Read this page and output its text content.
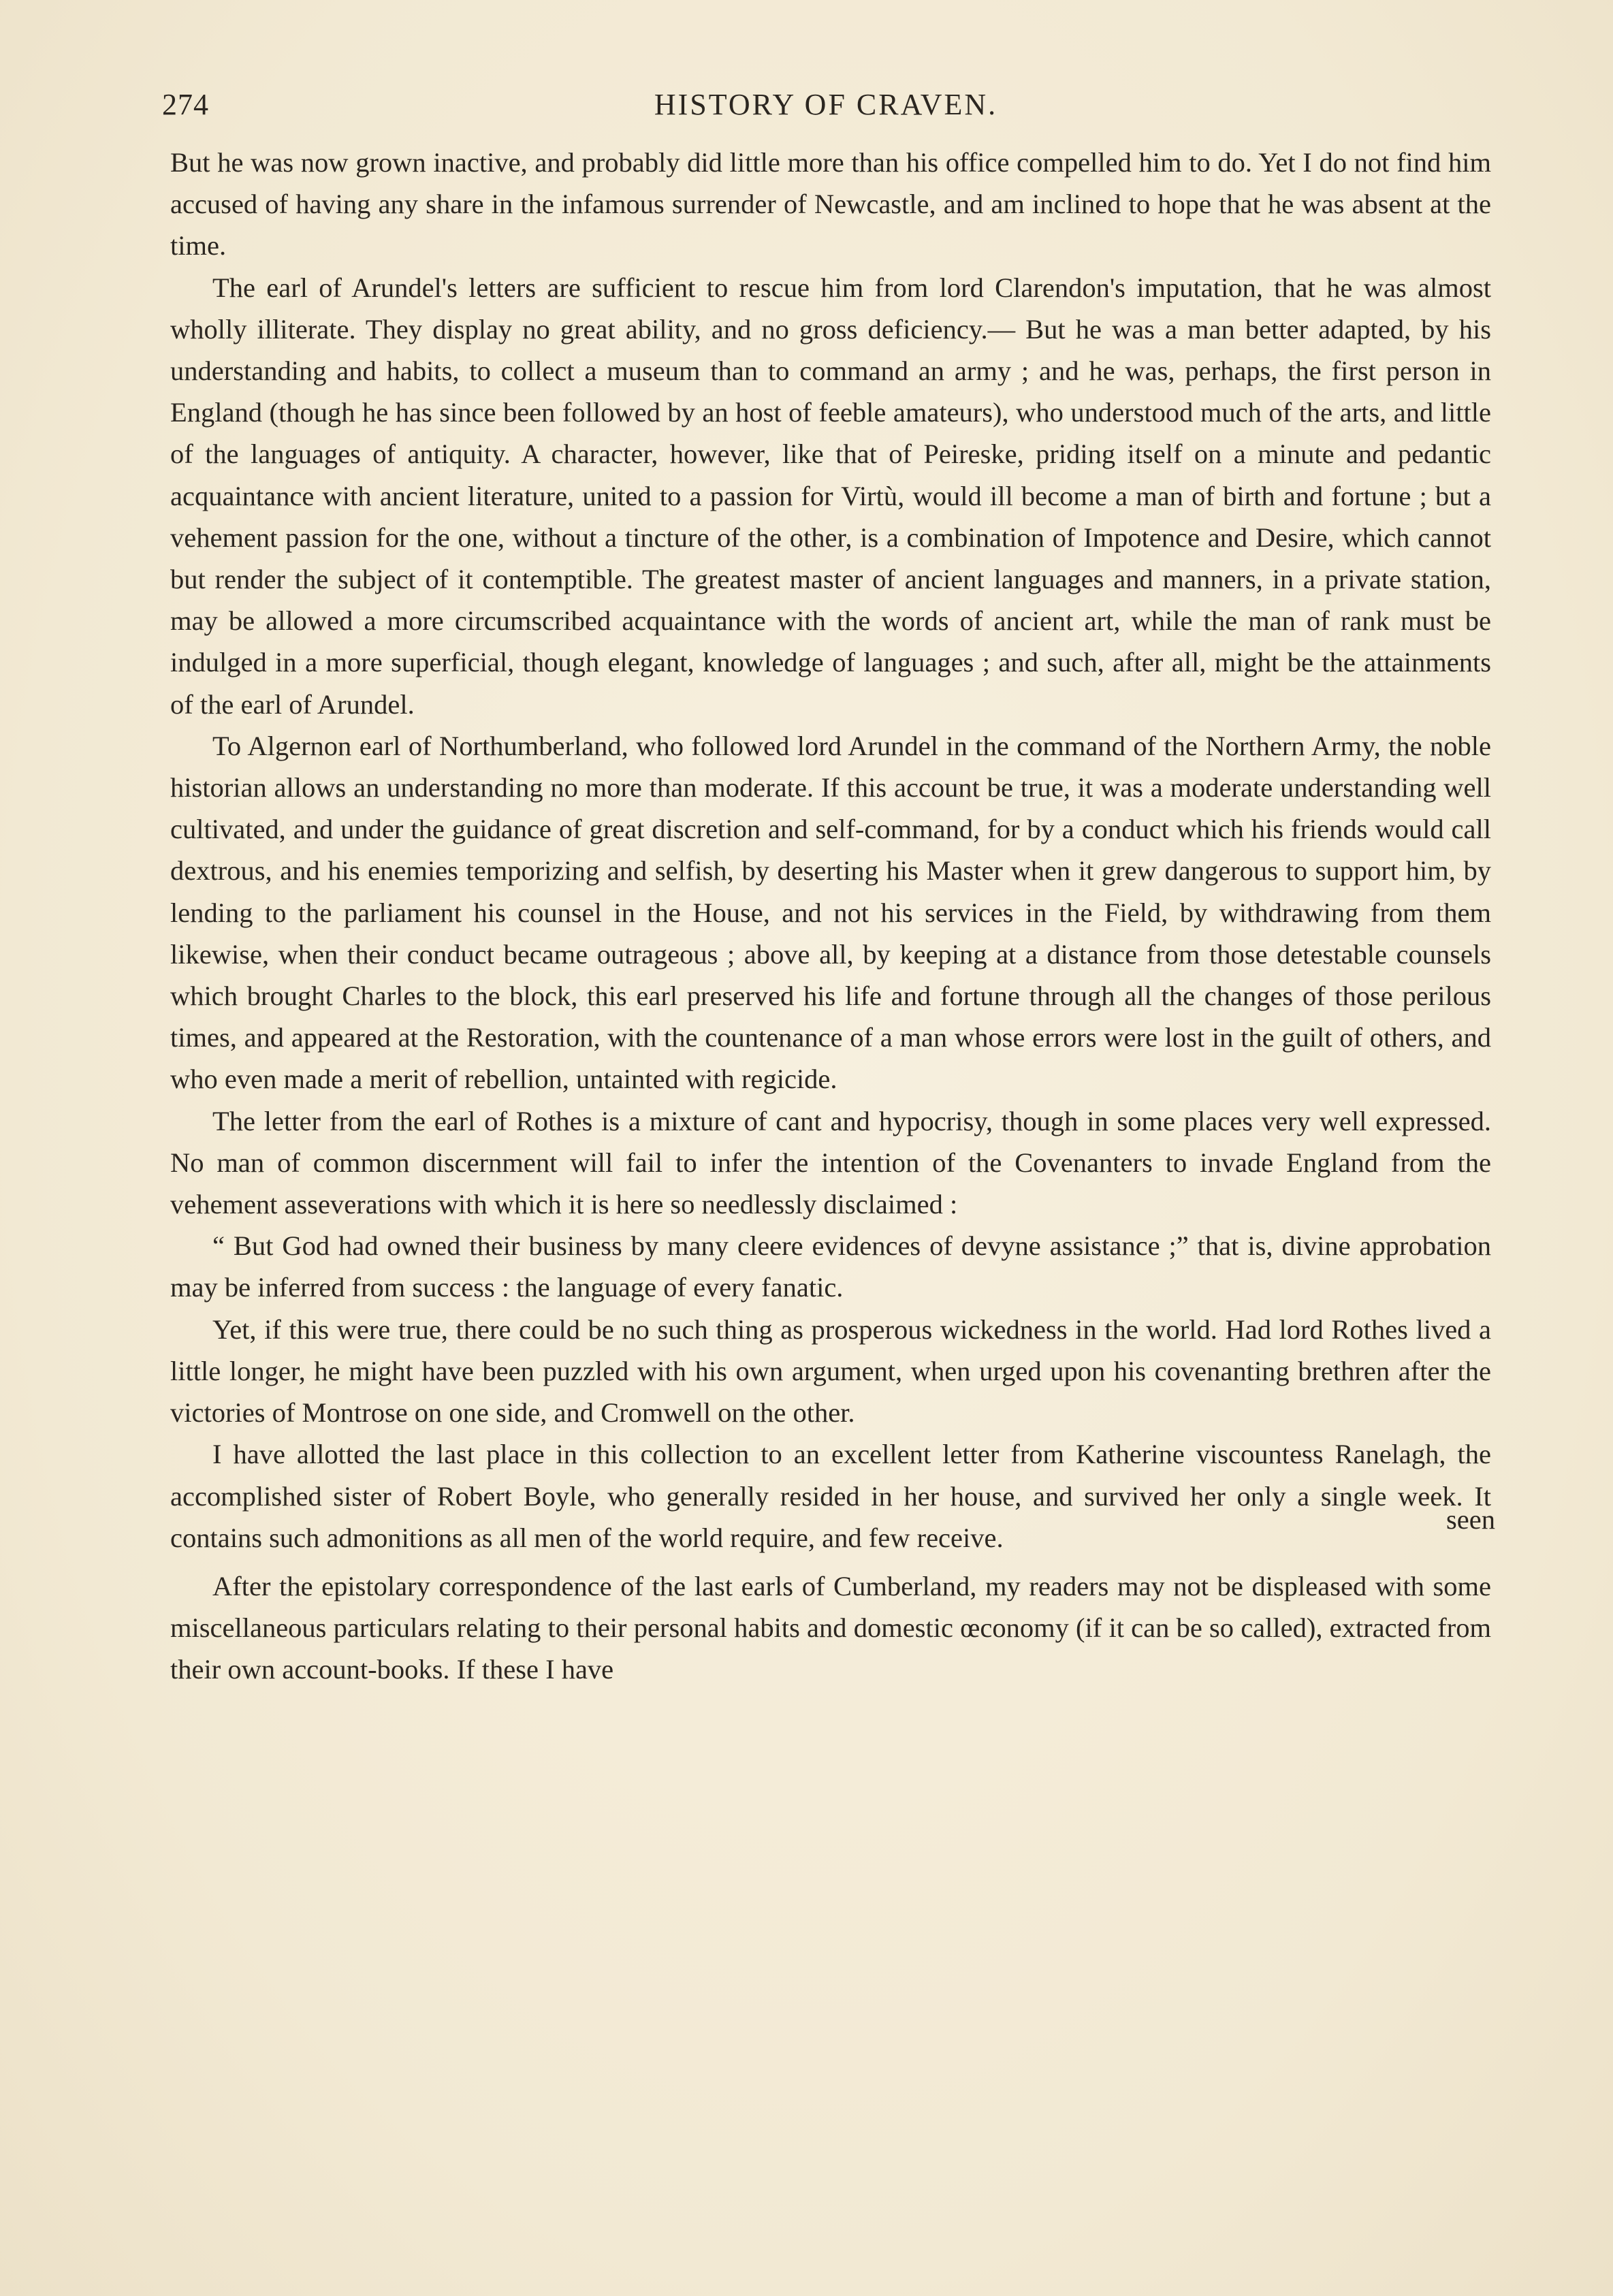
274	HISTORY OF CRAVEN.

But he was now grown inactive, and probably did little more than his office compelled him to do. Yet I do not find him accused of having any share in the infamous surrender of Newcastle, and am inclined to hope that he was absent at the time.

The earl of Arundel's letters are sufficient to rescue him from lord Clarendon's imputation, that he was almost wholly illiterate. They display no great ability, and no gross deficiency.— But he was a man better adapted, by his understanding and habits, to collect a museum than to command an army ; and he was, perhaps, the first person in England (though he has since been followed by an host of feeble amateurs), who understood much of the arts, and little of the languages of antiquity. A character, however, like that of Peireske, priding itself on a minute and pedantic acquaintance with ancient literature, united to a passion for Virtù, would ill become a man of birth and fortune ; but a vehement passion for the one, without a tincture of the other, is a combination of Impotence and Desire, which cannot but render the subject of it contemptible. The greatest master of ancient languages and manners, in a private station, may be allowed a more circumscribed acquaintance with the words of ancient art, while the man of rank must be indulged in a more superficial, though elegant, knowledge of languages ; and such, after all, might be the attainments of the earl of Arundel.

To Algernon earl of Northumberland, who followed lord Arundel in the command of the Northern Army, the noble historian allows an understanding no more than moderate. If this account be true, it was a moderate understanding well cultivated, and under the guidance of great discretion and self-command, for by a conduct which his friends would call dextrous, and his enemies temporizing and selfish, by deserting his Master when it grew dangerous to support him, by lending to the parliament his counsel in the House, and not his services in the Field, by withdrawing from them likewise, when their conduct became outrageous ; above all, by keeping at a distance from those detestable counsels which brought Charles to the block, this earl preserved his life and fortune through all the changes of those perilous times, and appeared at the Restoration, with the countenance of a man whose errors were lost in the guilt of others, and who even made a merit of rebellion, untainted with regicide.

The letter from the earl of Rothes is a mixture of cant and hypocrisy, though in some places very well expressed. No man of common discernment will fail to infer the intention of the Covenanters to invade England from the vehement asseverations with which it is here so needlessly disclaimed :

“ But God had owned their business by many cleere evidences of devyne assistance ;” that is, divine approbation may be inferred from success : the language of every fanatic.

Yet, if this were true, there could be no such thing as prosperous wickedness in the world. Had lord Rothes lived a little longer, he might have been puzzled with his own argument, when urged upon his covenanting brethren after the victories of Montrose on one side, and Cromwell on the other.

I have allotted the last place in this collection to an excellent letter from Katherine viscountess Ranelagh, the accomplished sister of Robert Boyle, who generally resided in her house, and survived her only a single week. It contains such admonitions as all men of the world require, and few receive.

After the epistolary correspondence of the last earls of Cumberland, my readers may not be displeased with some miscellaneous particulars relating to their personal habits and domestic œconomy (if it can be so called), extracted from their own account-books. If these I have

seen
